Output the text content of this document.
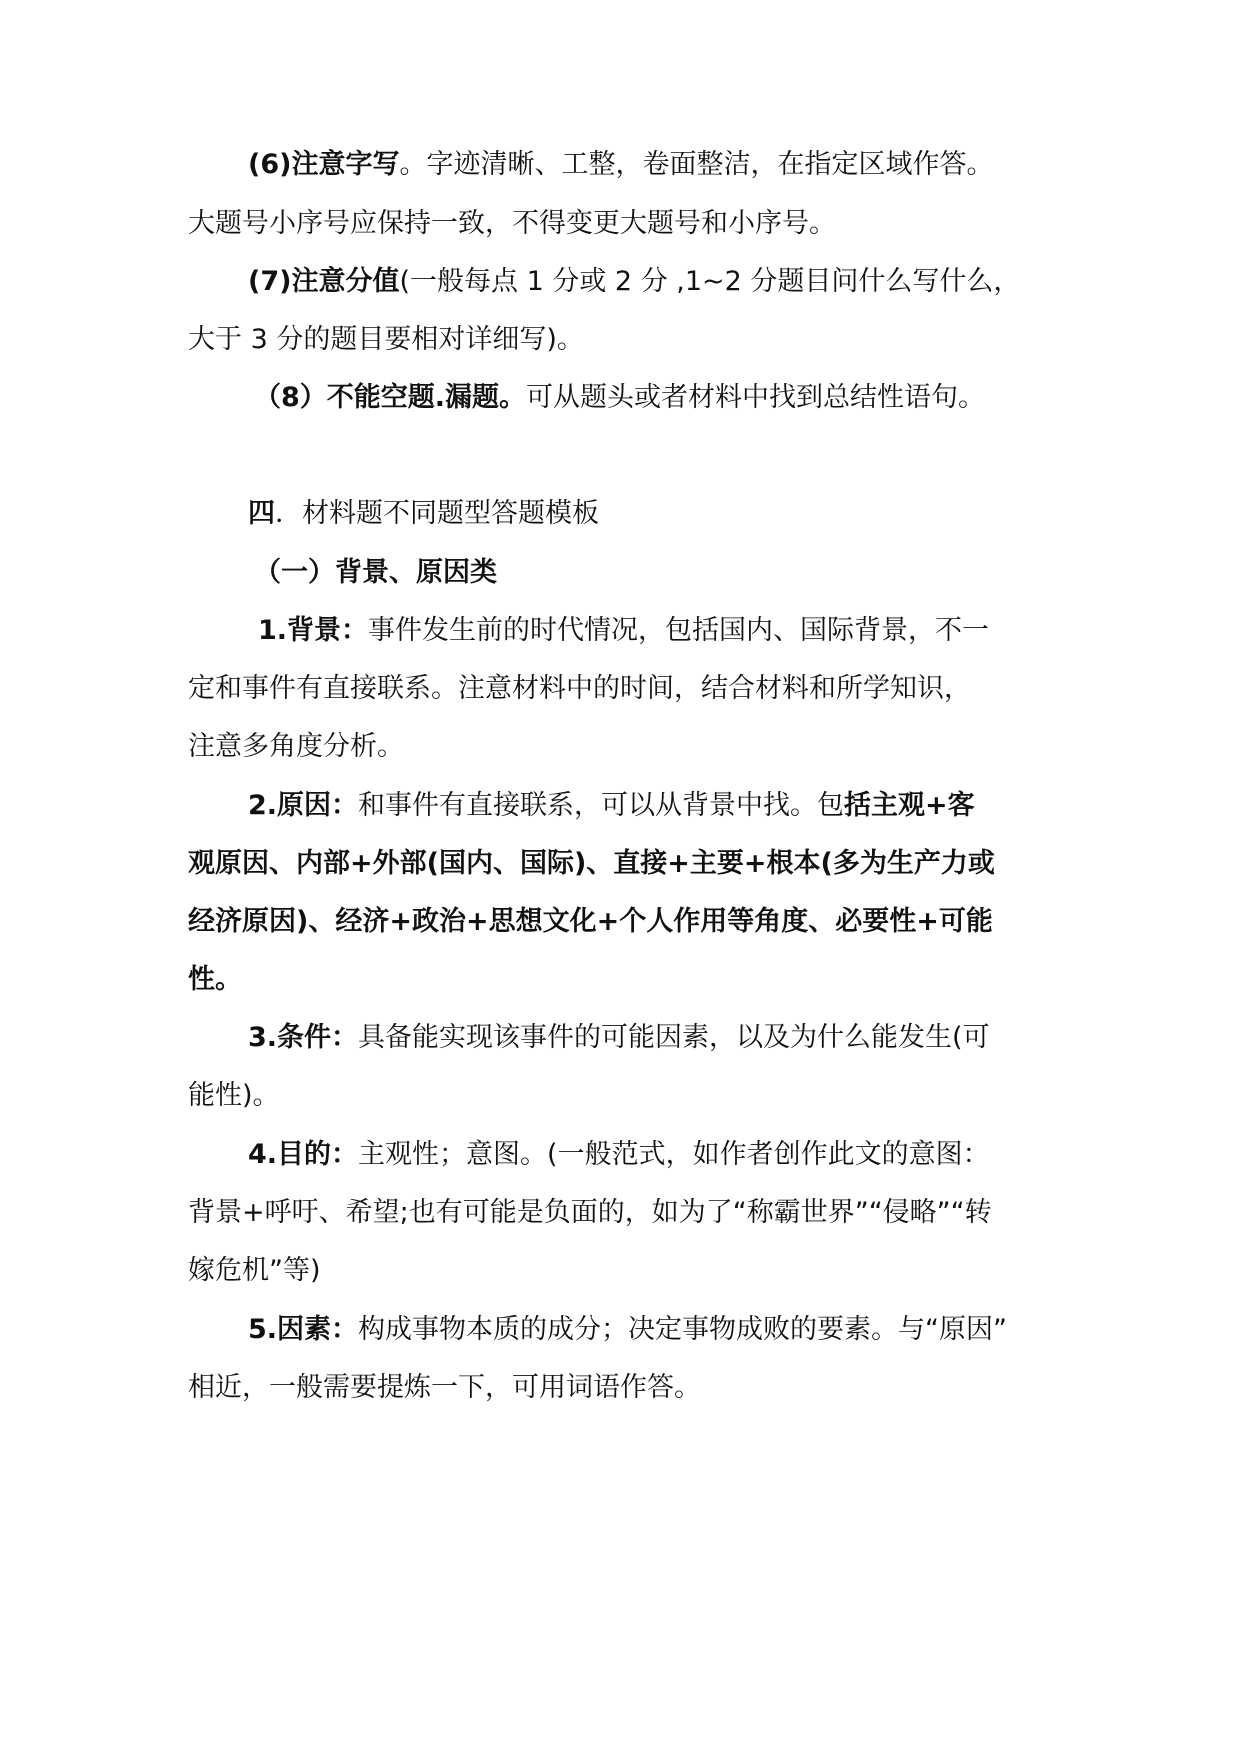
(6)注意字写。字迹清晰、工整，卷面整洁，在指定区域作答。
大题号小序号应保持一致，不得变更大题号和小序号。
(7)注意分值(一般每点 1 分或 2 分 ,1~2 分题目问什么写什么，
大于 3 分的题目要相对详细写)。
（8）不能空题.漏题。可从题头或者材料中找到总结性语句。
四．材料题不同题型答题模板
（一）背景、原因类
1.背景：事件发生前的时代情况，包括国内、国际背景，不一
定和事件有直接联系。注意材料中的时间，结合材料和所学知识，
注意多角度分析。
2.原因：和事件有直接联系，可以从背景中找。包括主观+客
观原因、内部+外部(国内、国际)、直接+主要+根本(多为生产力或
经济原因)、经济+政治+思想文化+个人作用等角度、必要性+可能
性。
3.条件：具备能实现该事件的可能因素，以及为什么能发生(可
能性)。
4.目的：主观性；意图。(一般范式，如作者创作此文的意图：
背景+呼吁、希望;也有可能是负面的，如为了“称霸世界”“侵略”“转
嫁危机”等)
5.因素：构成事物本质的成分；决定事物成败的要素。与“原因”
相近，一般需要提炼一下，可用词语作答。
